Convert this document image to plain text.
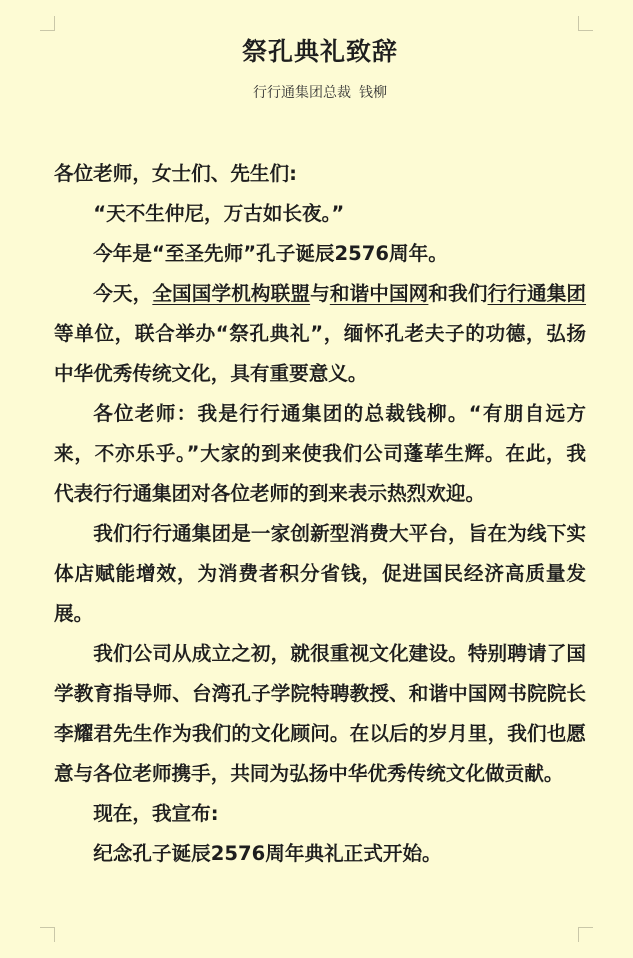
祭孔典礼致辞
行行通集团总裁 钱柳

各位老师，女士们、先生们:

“天不生仲尼，万古如长夜。”

今年是“至圣先师”孔子诞辰2576周年。

今天，全国国学机构联盟与和谐中国网和我们行行通集团等单位，联合举办“祭孔典礼”，缅怀孔老夫子的功德，弘扬中华优秀传统文化，具有重要意义。

各位老师：我是行行通集团的总裁钱柳。“有朋自远方来，不亦乐乎。”大家的到来使我们公司蓬荜生辉。在此，我代表行行通集团对各位老师的到来表示热烈欢迎。

我们行行通集团是一家创新型消费大平台，旨在为线下实体店赋能增效，为消费者积分省钱，促进国民经济高质量发展。

我们公司从成立之初，就很重视文化建设。特别聘请了国学教育指导师、台湾孔子学院特聘教授、和谐中国网书院院长李耀君先生作为我们的文化顾问。在以后的岁月里，我们也愿意与各位老师携手，共同为弘扬中华优秀传统文化做贡献。

现在，我宣布:

纪念孔子诞辰2576周年典礼正式开始。
